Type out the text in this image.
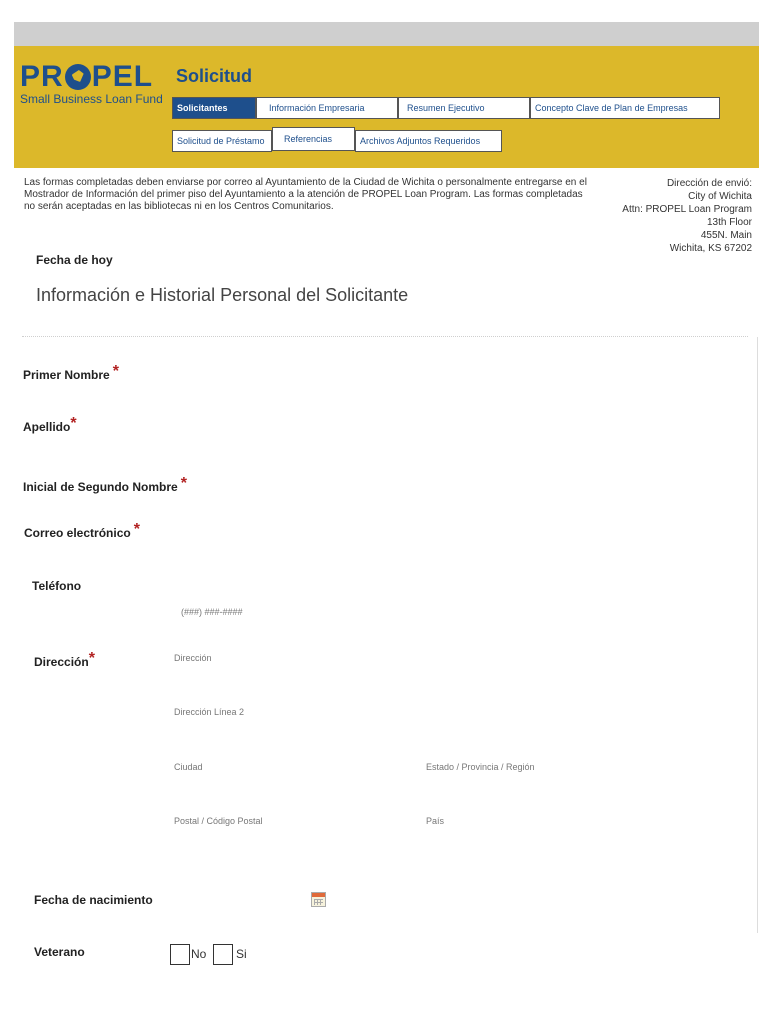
PR PEL
Small Business Loan Fund
Solicitud
Solicitantes	Información Empresaria	Resumen Ejecutivo	Concepto Clave de Plan de Empresas
Solicitud de Préstamo	Referencias	Archivos Adjuntos Requeridos
Las formas completadas deben enviarse por correo al Ayuntamiento de la Ciudad de Wichita o personalmente entregarse en el Mostrador de Información del primer piso del Ayuntamiento a la atención de PROPEL Loan Program. Las formas completadas no serán aceptadas en las bibliotecas ni en los Centros Comunitarios.
Dirección de envió:
City of Wichita
Attn: PROPEL Loan Program
13th Floor
455N. Main
Wichita, KS 67202
Fecha de hoy
Información e Historial Personal del Solicitante
Primer Nombre *
Apellido*
Inicial de Segundo Nombre *
Correo electrónico *
Teléfono
(###) ###-####
Dirección*	Dirección
Dirección Línea 2
Ciudad	Estado / Provincia / Región
Postal / Código Postal	País
Fecha de nacimiento
Veterano	No Si
